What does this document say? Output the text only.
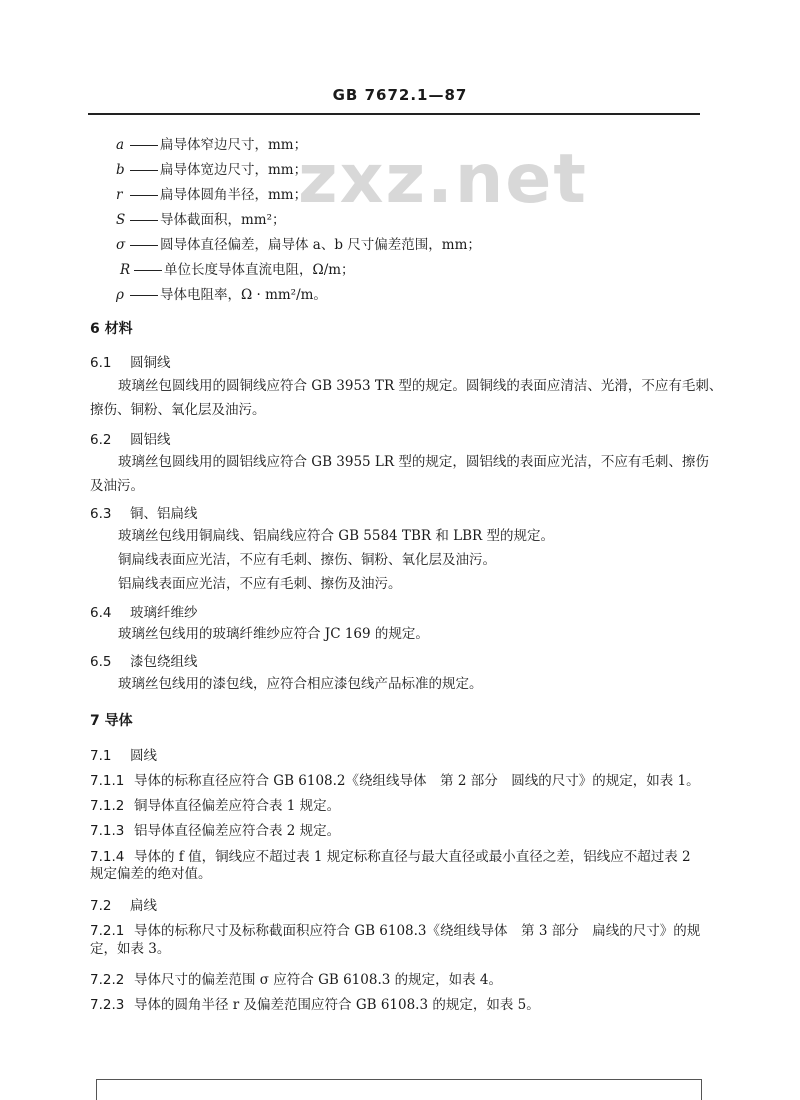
GB 7672.1—87
zxz.net
a	扁导体窄边尺寸，mm；
b	扁导体宽边尺寸，mm；
r	扁导体圆角半径，mm；
S	导体截面积，mm²；
σ	圆导体直径偏差，扁导体 a、b 尺寸偏差范围，mm；
R	单位长度导体直流电阻，Ω/m；
ρ	导体电阻率，Ω · mm²/m。
6 材料
6.1 圆铜线
玻璃丝包圆线用的圆铜线应符合 GB 3953 TR 型的规定。圆铜线的表面应清洁、光滑，不应有毛刺、
擦伤、铜粉、氧化层及油污。
6.2 圆铝线
玻璃丝包圆线用的圆铝线应符合 GB 3955 LR 型的规定，圆铝线的表面应光洁，不应有毛刺、擦伤
及油污。
6.3 铜、铝扁线
玻璃丝包线用铜扁线、铝扁线应符合 GB 5584 TBR 和 LBR 型的规定。
铜扁线表面应光洁，不应有毛刺、擦伤、铜粉、氧化层及油污。
铝扁线表面应光洁，不应有毛刺、擦伤及油污。
6.4 玻璃纤维纱
玻璃丝包线用的玻璃纤维纱应符合 JC 169 的规定。
6.5 漆包绕组线
玻璃丝包线用的漆包线，应符合相应漆包线产品标准的规定。
7 导体
7.1 圆线
7.1.1 导体的标称直径应符合 GB 6108.2《绕组线导体　第 2 部分　圆线的尺寸》的规定，如表 1。
7.1.2 铜导体直径偏差应符合表 1 规定。
7.1.3 铝导体直径偏差应符合表 2 规定。
7.1.4 导体的 f 值，铜线应不超过表 1 规定标称直径与最大直径或最小直径之差，铝线应不超过表 2
规定偏差的绝对值。
7.2 扁线
7.2.1 导体的标称尺寸及标称截面积应符合 GB 6108.3《绕组线导体　第 3 部分　扁线的尺寸》的规
定，如表 3。
7.2.2 导体尺寸的偏差范围 σ 应符合 GB 6108.3 的规定，如表 4。
7.2.3 导体的圆角半径 r 及偏差范围应符合 GB 6108.3 的规定，如表 5。
